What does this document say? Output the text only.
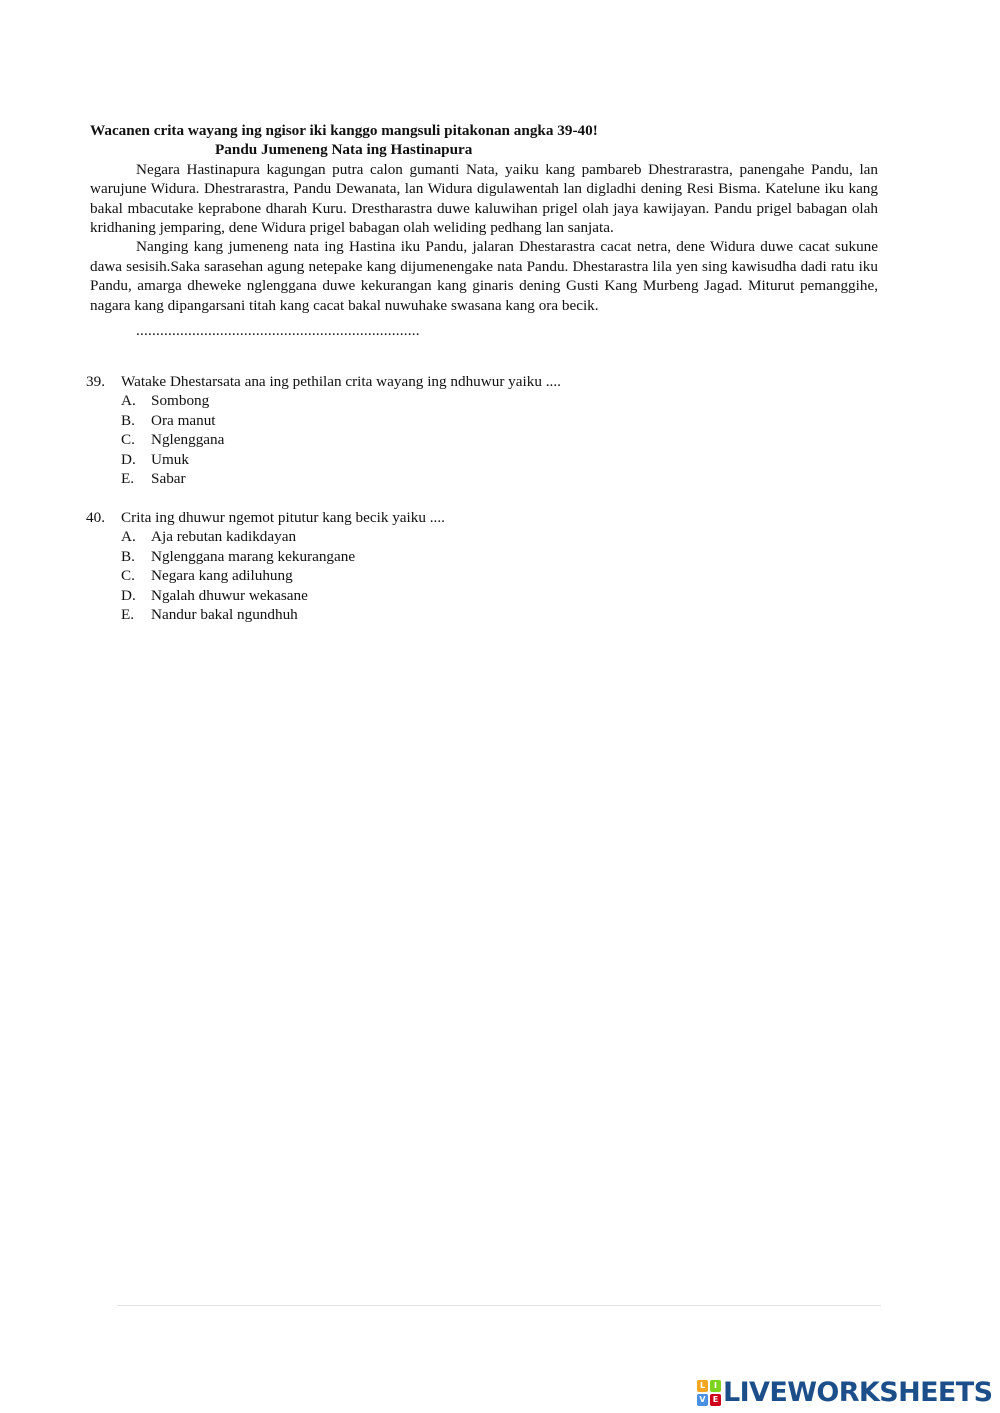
Wacanen crita wayang ing ngisor iki kanggo mangsuli pitakonan angka 39-40!

Pandu Jumeneng Nata ing Hastinapura

Negara Hastinapura kagungan putra calon gumanti Nata, yaiku kang pambareb Dhestrarastra, panengahe Pandu, lan warujune Widura. Dhestrarastra, Pandu Dewanata, lan Widura digulawentah lan digladhi dening Resi Bisma. Katelune iku kang bakal mbacutake keprabone dharah Kuru. Drestharastra duwe kaluwihan prigel olah jaya kawijayan. Pandu prigel babagan olah kridhaning jemparing, dene Widura prigel babagan olah weliding pedhang lan sanjata.

Nanging kang jumeneng nata ing Hastina iku Pandu, jalaran Dhestarastra cacat netra, dene Widura duwe cacat sukune dawa sesisih.Saka sarasehan agung netepake kang dijumenengake nata Pandu. Dhestarastra lila yen sing kawisudha dadi ratu iku Pandu, amarga dheweke nglenggana duwe kekurangan kang ginaris dening Gusti Kang Murbeng Jagad. Miturut pemanggihe, nagara kang dipangarsani titah kang cacat bakal nuwuhake swasana kang ora becik.

.......................................................................
39.	Watake Dhestarsata ana ing pethilan crita wayang ing ndhuwur yaiku ....
A.	Sombong
B.	Ora manut
C.	Nglenggana
D.	Umuk
E.	Sabar
40.	Crita ing dhuwur ngemot pitutur kang becik yaiku ....
A.	Aja rebutan kadikdayan
B.	Nglenggana marang kekurangane
C.	Negara kang adiluhung
D.	Ngalah dhuwur wekasane
E.	Nandur bakal ngundhuh
L	I
V E LIVEWORKSHEETS
